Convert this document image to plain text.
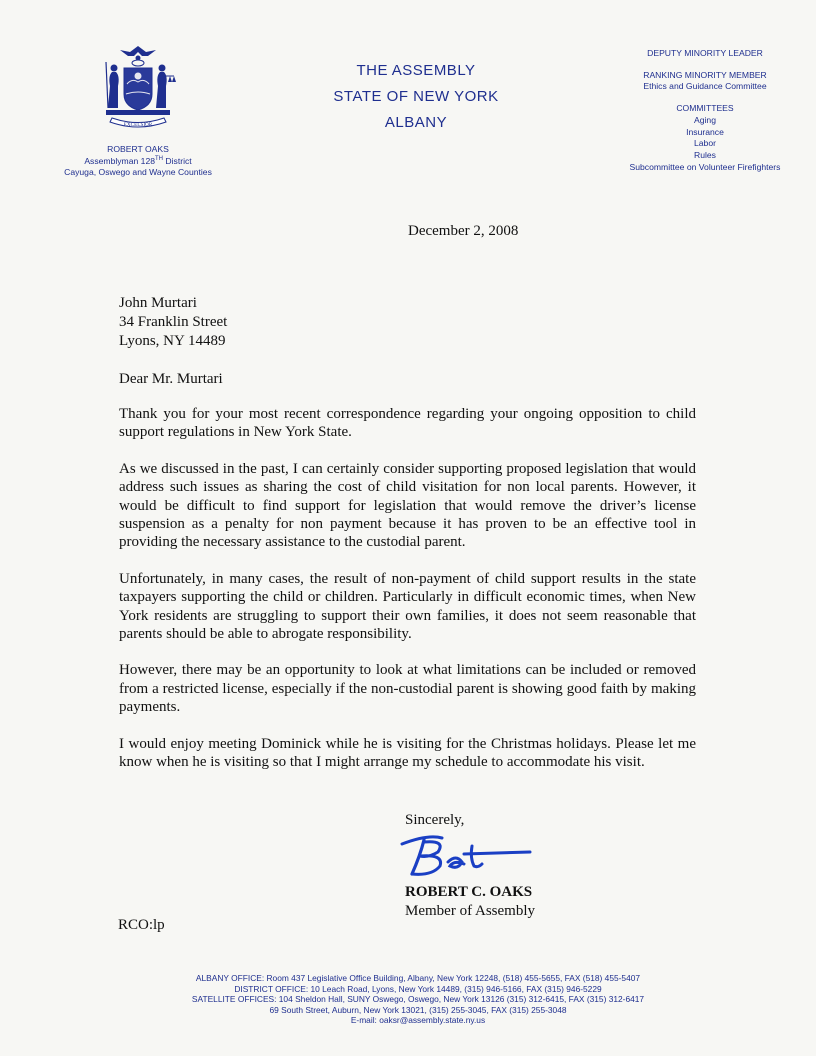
EXCELSIOR
ROBERT OAKS
Assemblyman 128TH District
Cayuga, Oswego and Wayne Counties
THE ASSEMBLY
STATE OF NEW YORK
ALBANY
DEPUTY MINORITY LEADER
RANKING MINORITY MEMBER
Ethics and Guidance Committee
COMMITTEES
Aging
Insurance
Labor
Rules
Subcommittee on Volunteer Firefighters
December 2, 2008
John Murtari
34 Franklin Street
Lyons, NY 14489
Dear Mr. Murtari

Thank you for your most recent correspondence regarding your ongoing opposition to child support regulations in New York State.

As we discussed in the past, I can certainly consider supporting proposed legislation that would address such issues as sharing the cost of child visitation for non local parents. However, it would be difficult to find support for legislation that would remove the driver’s license suspension as a penalty for non payment because it has proven to be an effective tool in providing the necessary assistance to the custodial parent.

Unfortunately, in many cases, the result of non-payment of child support results in the state taxpayers supporting the child or children. Particularly in difficult economic times, when New York residents are struggling to support their own families, it does not seem reasonable that parents should be able to abrogate responsibility.

However, there may be an opportunity to look at what limitations can be included or removed from a restricted license, especially if the non-custodial parent is showing good faith by making payments.

I would enjoy meeting Dominick while he is visiting for the Christmas holidays. Please let me know when he is visiting so that I might arrange my schedule to accommodate his visit.

Sincerely,
ROBERT C. OAKS
Member of Assembly
RCO:lp
ALBANY OFFICE: Room 437 Legislative Office Building, Albany, New York 12248, (518) 455-5655, FAX (518) 455-5407
DISTRICT OFFICE: 10 Leach Road, Lyons, New York 14489, (315) 946-5166, FAX (315) 946-5229
SATELLITE OFFICES: 104 Sheldon Hall, SUNY Oswego, Oswego, New York 13126 (315) 312-6415, FAX (315) 312-6417
69 South Street, Auburn, New York 13021, (315) 255-3045, FAX (315) 255-3048
E-mail: oaksr@assembly.state.ny.us
